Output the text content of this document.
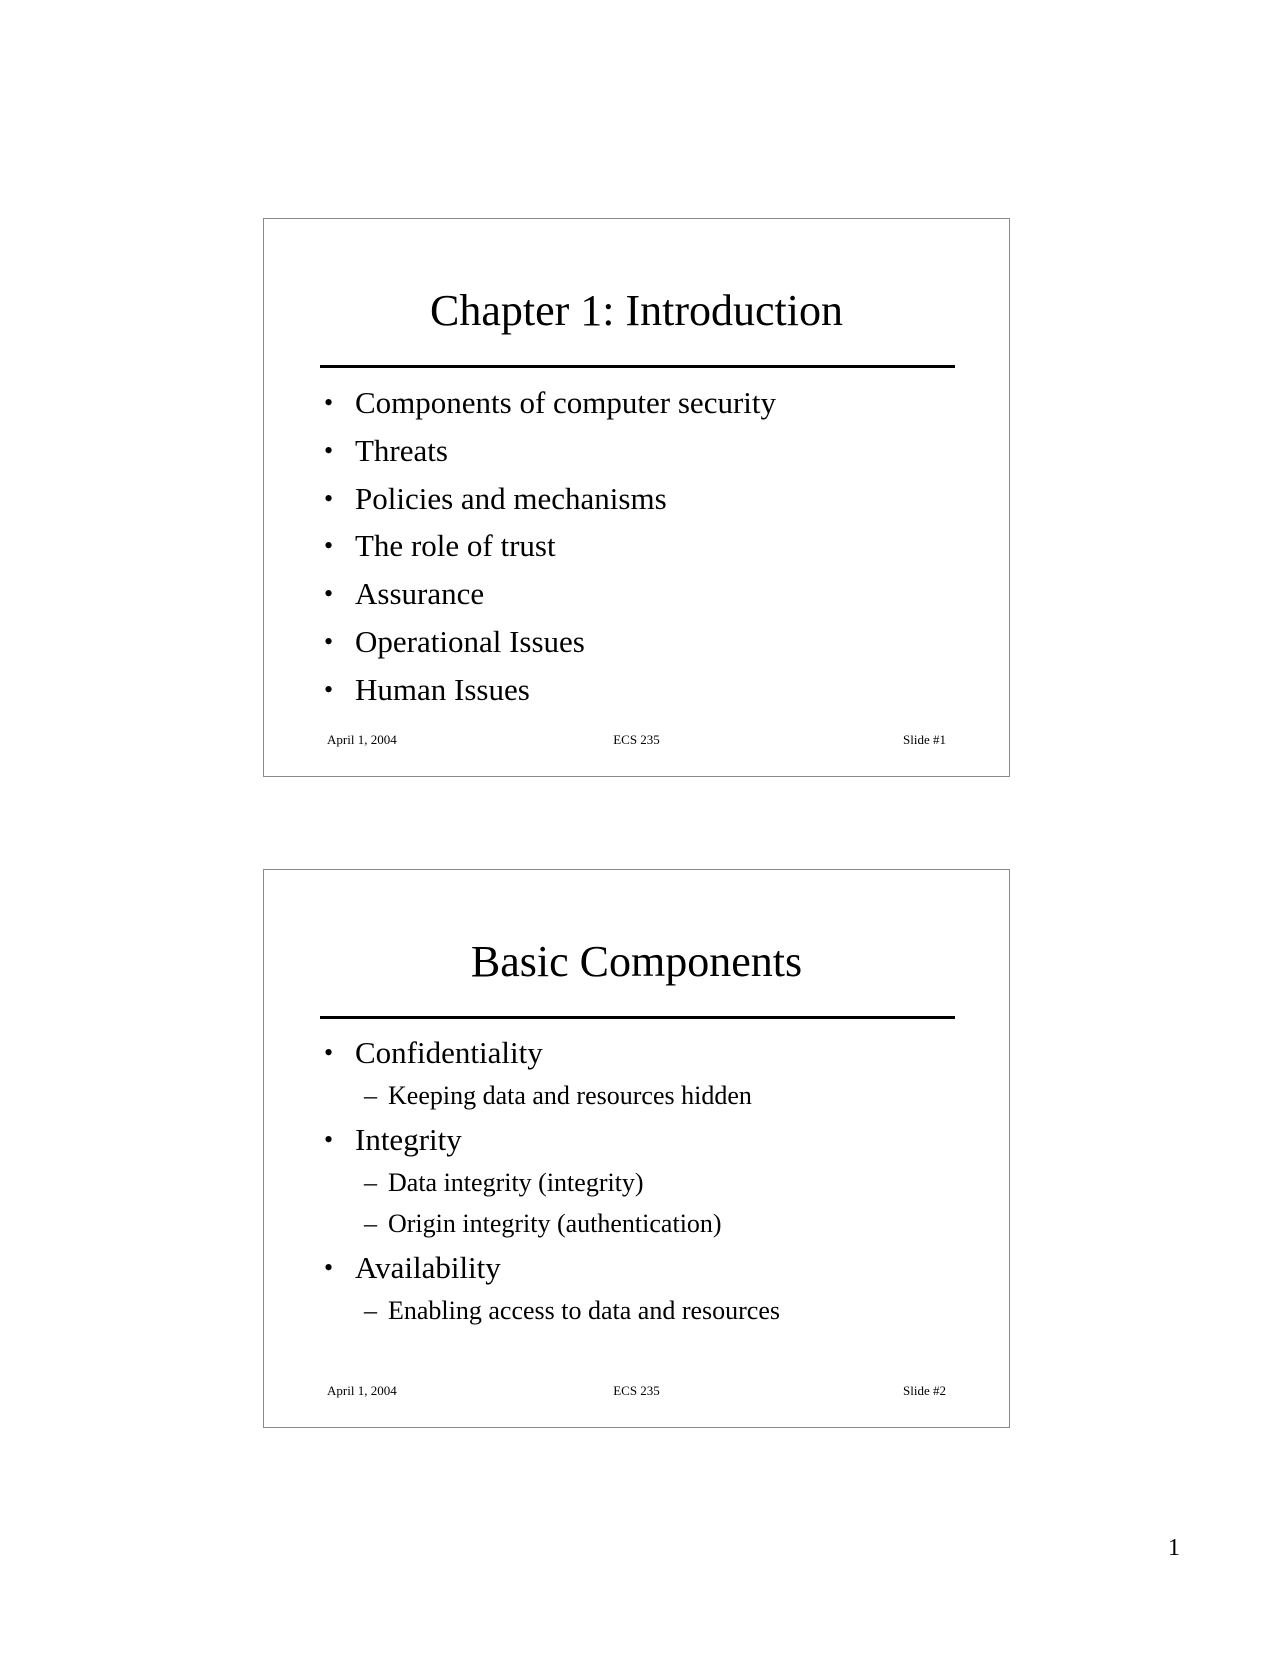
Chapter 1: Introduction
• Components of computer security
• Threats
• Policies and mechanisms
• The role of trust
• Assurance
• Operational Issues
• Human Issues
April 1, 2004	ECS 235	Slide #1
Basic Components
• Confidentiality
– Keeping data and resources hidden
• Integrity
– Data integrity (integrity)
– Origin integrity (authentication)
• Availability
– Enabling access to data and resources
April 1, 2004	ECS 235	Slide #2
1
